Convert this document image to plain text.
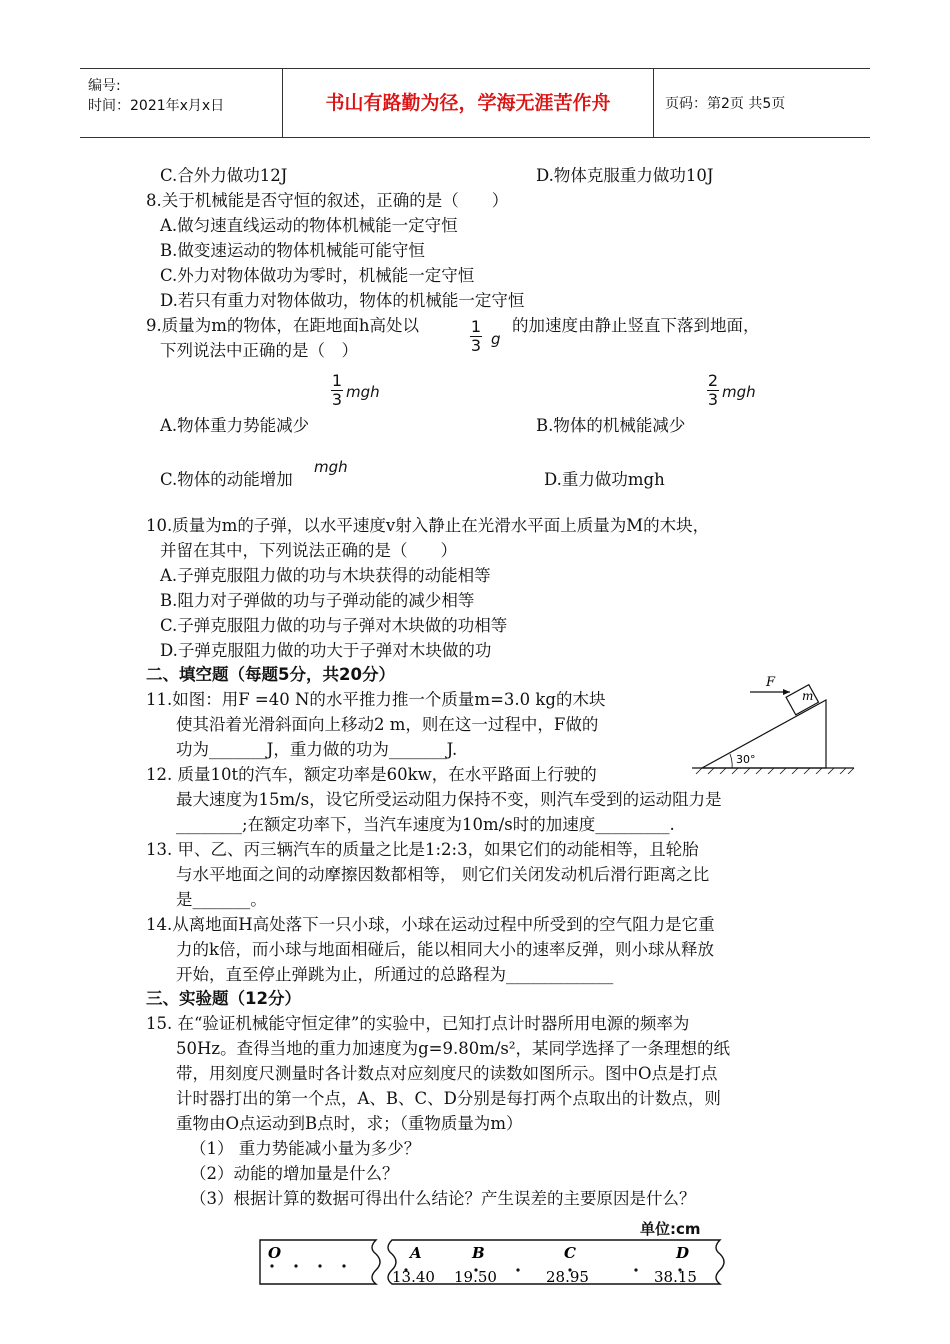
编号:
时间：2021年x月x日	书山有路勤为径，学海无涯苦作舟	页码：第2页 共5页
C.合外力做功12J	D.物体克服重力做功10J
8.关于机械能是否守恒的叙述，正确的是（　　）
A.做匀速直线运动的物体机械能一定守恒
B.做变速运动的物体机械能可能守恒
C.外力对物体做功为零时，机械能一定守恒
D.若只有重力对物体做功，物体的机械能一定守恒
9.质量为m的物体，在距地面h高处以	1
3 g
的加速度由静止竖直下落到地面，
下列说法中正确的是（　）
1
3 mgh
2
3 mgh
A.物体重力势能减少	B.物体的机械能减少
C.物体的动能增加
mgh
D.重力做功mgh
10.质量为m的子弹，以水平速度v射入静止在光滑水平面上质量为M的木块，
并留在其中，下列说法正确的是（　　）
A.子弹克服阻力做的功与木块获得的动能相等
B.阻力对子弹做的功与子弹动能的减少相等
C.子弹克服阻力做的功与子弹对木块做的功相等
D.子弹克服阻力做的功大于子弹对木块做的功
二、填空题（每题5分，共20分）
11.如图：用F =40 N的水平推力推一个质量m=3.0 kg的木块
使其沿着光滑斜面向上移动2 m，则在这一过程中，F做的
功为_______J，重力做的功为_______J.
m
F
30°
12. 质量10t的汽车，额定功率是60kw，在水平路面上行驶的
最大速度为15m/s，设它所受运动阻力保持不变，则汽车受到的运动阻力是
________;在额定功率下，当汽车速度为10m/s时的加速度_________.
13. 甲、乙、丙三辆汽车的质量之比是1:2:3，如果它们的动能相等，且轮胎
与水平地面之间的动摩擦因数都相等， 则它们关闭发动机后滑行距离之比
是_______。
14.从离地面H高处落下一只小球，小球在运动过程中所受到的空气阻力是它重
力的k倍，而小球与地面相碰后，能以相同大小的速率反弹，则小球从释放
开始，直至停止弹跳为止，所通过的总路程为_____________
三、实验题（12分）
15. 在“验证机械能守恒定律”的实验中，已知打点计时器所用电源的频率为
50Hz。查得当地的重力加速度为g=9.80m/s²，某同学选择了一条理想的纸
带，用刻度尺测量时各计数点对应刻度尺的读数如图所示。图中O点是打点
计时器打出的第一个点，A、B、C、D分别是每打两个点取出的计数点，则
重物由O点运动到B点时，求；（重物质量为m）
（1） 重力势能减小量为多少？
（2）动能的增加量是什么？
（3）根据计算的数据可得出什么结论？产生误差的主要原因是什么？
单位:cm
O	A	B	C	D
13.40 19.50	28.95	38.15
